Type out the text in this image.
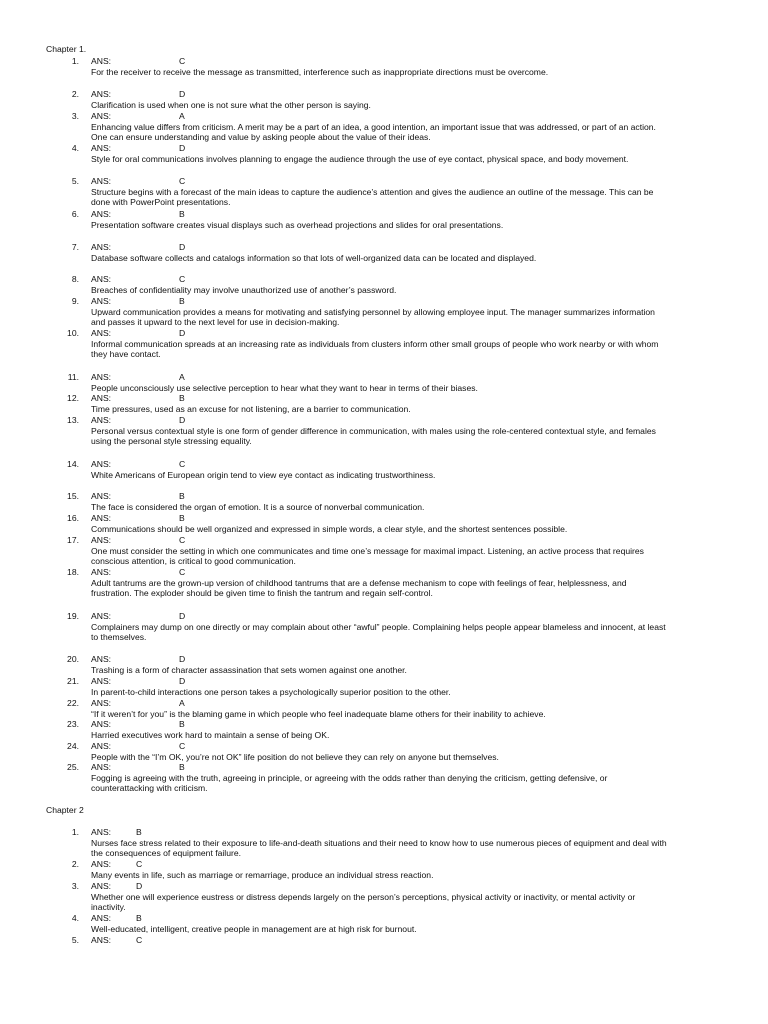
Chapter 1.
1. ANS:	C
For the receiver to receive the message as transmitted, interference such as inappropriate directions must be overcome.
2. ANS:	D
Clarification is used when one is not sure what the other person is saying.
3. ANS:	A
Enhancing value differs from criticism. A merit may be a part of an idea, a good intention, an important issue that was addressed, or part of an action.
One can ensure understanding and value by asking people about the value of their ideas.
4. ANS:	D
Style for oral communications involves planning to engage the audience through the use of eye contact, physical space, and body movement.
5. ANS:	C
Structure begins with a forecast of the main ideas to capture the audience’s attention and gives the audience an outline of the message. This can be
done with PowerPoint presentations.
6. ANS:	B
Presentation software creates visual displays such as overhead projections and slides for oral presentations.
7. ANS:	D
Database software collects and catalogs information so that lots of well-organized data can be located and displayed.
8. ANS:	C
Breaches of confidentiality may involve unauthorized use of another’s password.
9. ANS:	B
Upward communication provides a means for motivating and satisfying personnel by allowing employee input. The manager summarizes information
and passes it upward to the next level for use in decision-making.
10. ANS:	D
Informal communication spreads at an increasing rate as individuals from clusters inform other small groups of people who work nearby or with whom
they have contact.
11. ANS:	A
People unconsciously use selective perception to hear what they want to hear in terms of their biases.
12. ANS:	B
Time pressures, used as an excuse for not listening, are a barrier to communication.
13. ANS:	D
Personal versus contextual style is one form of gender difference in communication, with males using the role-centered contextual style, and females
using the personal style stressing equality.
14. ANS:	C
White Americans of European origin tend to view eye contact as indicating trustworthiness.
15. ANS:	B
The face is considered the organ of emotion. It is a source of nonverbal communication.
16. ANS:	B
Communications should be well organized and expressed in simple words, a clear style, and the shortest sentences possible.
17. ANS:	C
One must consider the setting in which one communicates and time one’s message for maximal impact. Listening, an active process that requires
conscious attention, is critical to good communication.
18. ANS:	C
Adult tantrums are the grown-up version of childhood tantrums that are a defense mechanism to cope with feelings of fear, helplessness, and
frustration. The exploder should be given time to finish the tantrum and regain self-control.
19. ANS:	D
Complainers may dump on one directly or may complain about other “awful” people. Complaining helps people appear blameless and innocent, at least
to themselves.
20. ANS:	D
Trashing is a form of character assassination that sets women against one another.
21. ANS:	D
In parent-to-child interactions one person takes a psychologically superior position to the other.
22. ANS:	A
“If it weren’t for you” is the blaming game in which people who feel inadequate blame others for their inability to achieve.
23. ANS:	B
Harried executives work hard to maintain a sense of being OK.
24. ANS:	C
People with the “I’m OK, you’re not OK” life position do not believe they can rely on anyone but themselves.
25. ANS:	B
Fogging is agreeing with the truth, agreeing in principle, or agreeing with the odds rather than denying the criticism, getting defensive, or
counterattacking with criticism.
Chapter 2
1. ANS:	B
Nurses face stress related to their exposure to life-and-death situations and their need to know how to use numerous pieces of equipment and deal with
the consequences of equipment failure.
2. ANS:	C
Many events in life, such as marriage or remarriage, produce an individual stress reaction.
3. ANS:	D
Whether one will experience eustress or distress depends largely on the person’s perceptions, physical activity or inactivity, or mental activity or
inactivity.
4. ANS:	B
Well-educated, intelligent, creative people in management are at high risk for burnout.
5. ANS:	C
